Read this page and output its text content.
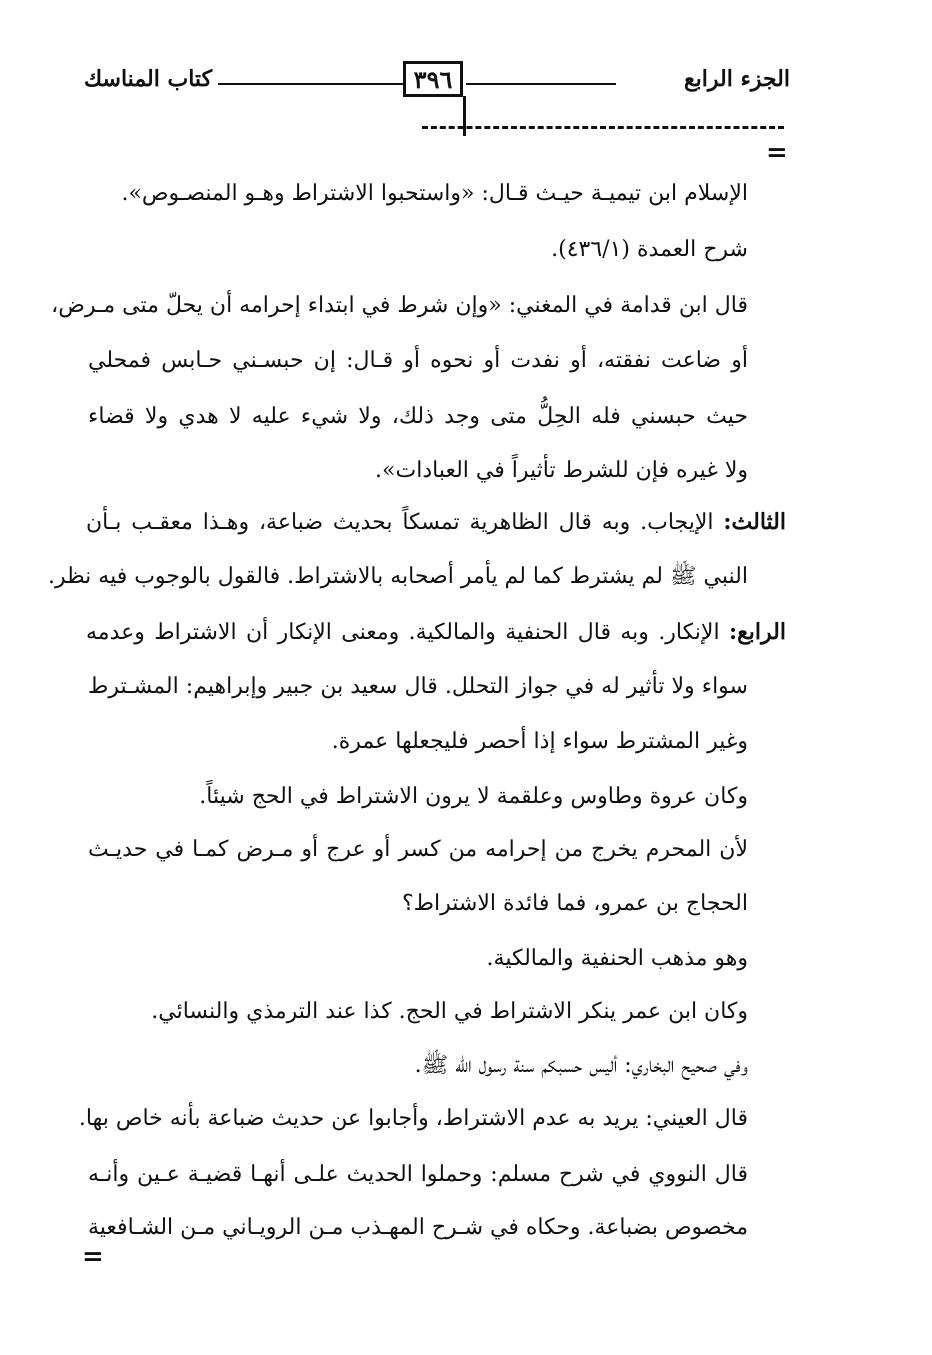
الجزء الرابع
٣٩٦
كتاب المناسك
=
الإسلام ابن تيميـة حيـث قـال: «واستحبوا الاشتراط وهـو المنصـوص».
شرح العمدة (٤٣٦/١).
قال ابن قدامة في المغني: «وإن شرط في ابتداء إحرامه أن يحلّ متى مـرض،
أو ضاعت نفقته، أو نفدت أو نحوه أو قـال: إن حبسـني حـابس فمحلي
حيث حبسني فله الحِلُّ متى وجد ذلك، ولا شيء عليه لا هدي ولا قضاء
ولا غيره فإن للشرط تأثيراً في العبادات».
الثالث: الإيجاب. وبه قال الظاهرية تمسكاً بحديث ضباعة، وهـذا معقـب بـأن
النبي ﷺ لم يشترط كما لم يأمر أصحابه بالاشتراط. فالقول بالوجوب فيه نظر.
الرابع: الإنكار. وبه قال الحنفية والمالكية. ومعنى الإنكار أن الاشتراط وعدمه
سواء ولا تأثير له في جواز التحلل. قال سعيد بن جبير وإبراهيم: المشـترط
وغير المشترط سواء إذا أحصر فليجعلها عمرة.
وكان عروة وطاوس وعلقمة لا يرون الاشتراط في الحج شيئاً.
لأن المحرم يخرج من إحرامه من كسر أو عرج أو مـرض كمـا في حديـث
الحجاج بن عمرو، فما فائدة الاشتراط؟
وهو مذهب الحنفية والمالكية.
وكان ابن عمر ينكر الاشتراط في الحج. كذا عند الترمذي والنسائي.
وفي صحيح البخاري: أليس حسبكم سنة رسول الله ﷺ.
قال العيني: يريد به عدم الاشتراط، وأجابوا عن حديث ضباعة بأنه خاص بها.
قال النووي في شرح مسلم: وحملوا الحديث علـى أنهـا قضيـة عـين وأنـه
مخصوص بضباعة. وحكاه في شـرح المهـذب مـن الرويـاني مـن الشـافعية
=
